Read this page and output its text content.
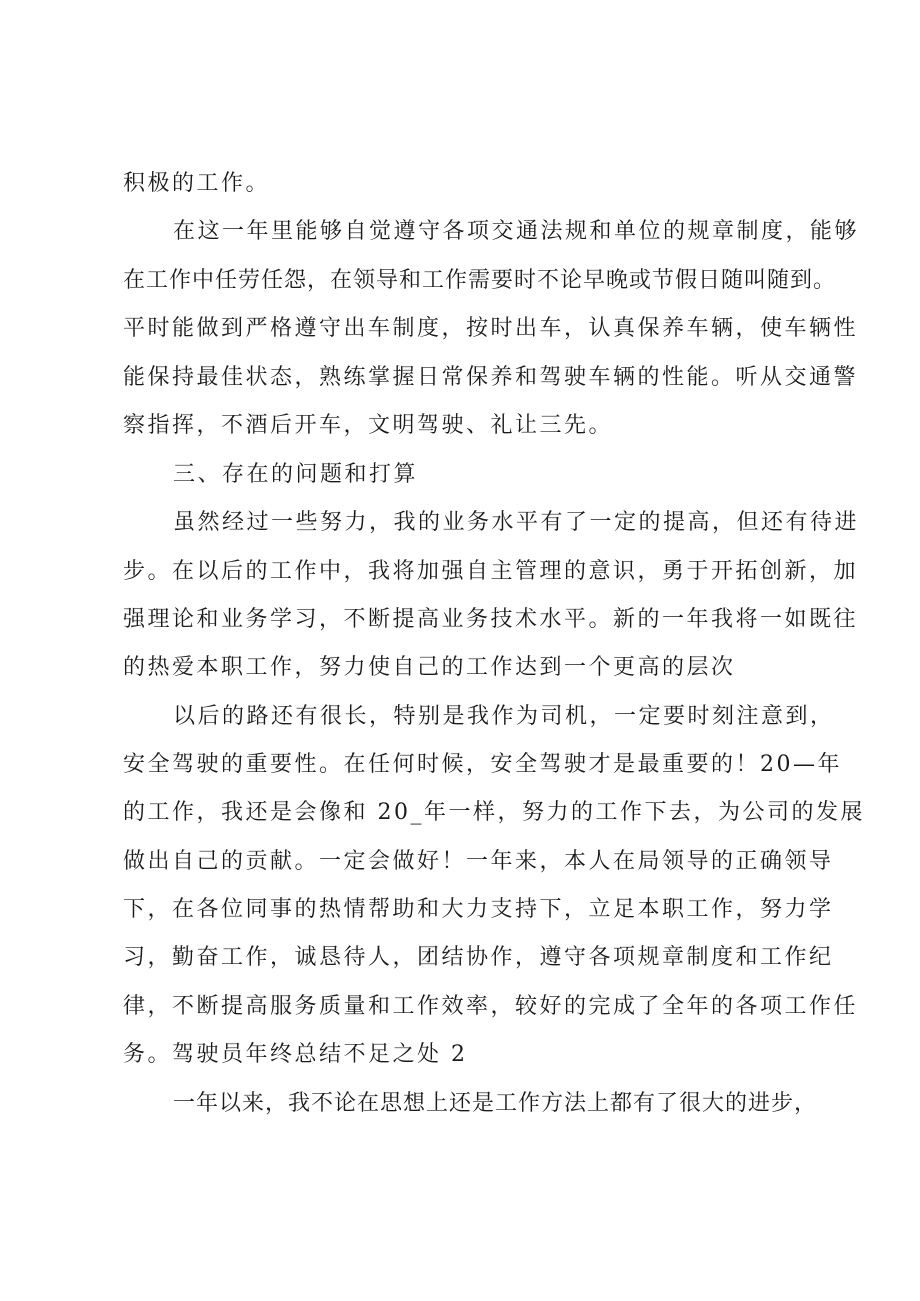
积极的工作。
在这一年里能够自觉遵守各项交通法规和单位的规章制度，能够
在工作中任劳任怨，在领导和工作需要时不论早晚或节假日随叫随到。
平时能做到严格遵守出车制度，按时出车，认真保养车辆，使车辆性
能保持最佳状态，熟练掌握日常保养和驾驶车辆的性能。听从交通警
察指挥，不酒后开车，文明驾驶、礼让三先。
三、存在的问题和打算
虽然经过一些努力，我的业务水平有了一定的提高，但还有待进
步。在以后的工作中，我将加强自主管理的意识，勇于开拓创新，加
强理论和业务学习，不断提高业务技术水平。新的一年我将一如既往
的热爱本职工作，努力使自己的工作达到一个更高的层次
以后的路还有很长，特别是我作为司机，一定要时刻注意到，
安全驾驶的重要性。在任何时候，安全驾驶才是最重要的！20—年
的工作，我还是会像和 20_年一样，努力的工作下去，为公司的发展
做出自己的贡献。一定会做好！一年来，本人在局领导的正确领导
下，在各位同事的热情帮助和大力支持下，立足本职工作，努力学
习，勤奋工作，诚恳待人，团结协作，遵守各项规章制度和工作纪
律，不断提高服务质量和工作效率，较好的完成了全年的各项工作任
务。驾驶员年终总结不足之处 2
一年以来，我不论在思想上还是工作方法上都有了很大的进步，
